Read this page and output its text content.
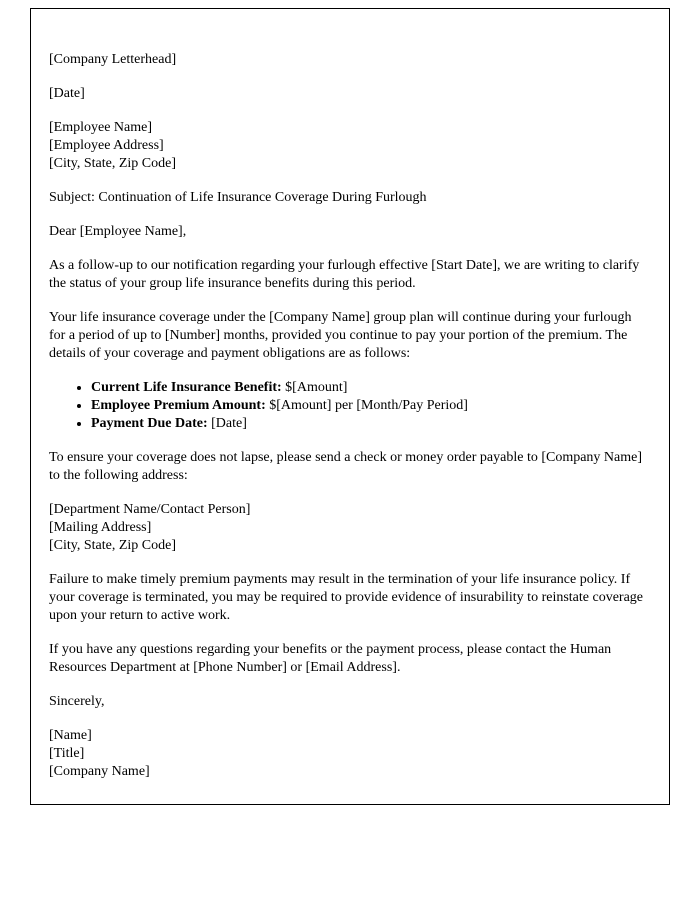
[Company Letterhead]

[Date]

[Employee Name]
[Employee Address]
[City, State, Zip Code]

Subject: Continuation of Life Insurance Coverage During Furlough

Dear [Employee Name],

As a follow-up to our notification regarding your furlough effective [Start Date], we are writing to clarify the status of your group life insurance benefits during this period.

Your life insurance coverage under the [Company Name] group plan will continue during your furlough for a period of up to [Number] months, provided you continue to pay your portion of the premium. The details of your coverage and payment obligations are as follows:

• Current Life Insurance Benefit: $[Amount]
• Employee Premium Amount: $[Amount] per [Month/Pay Period]
• Payment Due Date: [Date]

To ensure your coverage does not lapse, please send a check or money order payable to [Company Name] to the following address:

[Department Name/Contact Person]
[Mailing Address]
[City, State, Zip Code]

Failure to make timely premium payments may result in the termination of your life insurance policy. If your coverage is terminated, you may be required to provide evidence of insurability to reinstate coverage upon your return to active work.

If you have any questions regarding your benefits or the payment process, please contact the Human Resources Department at [Phone Number] or [Email Address].

Sincerely,

[Name]
[Title]
[Company Name]
